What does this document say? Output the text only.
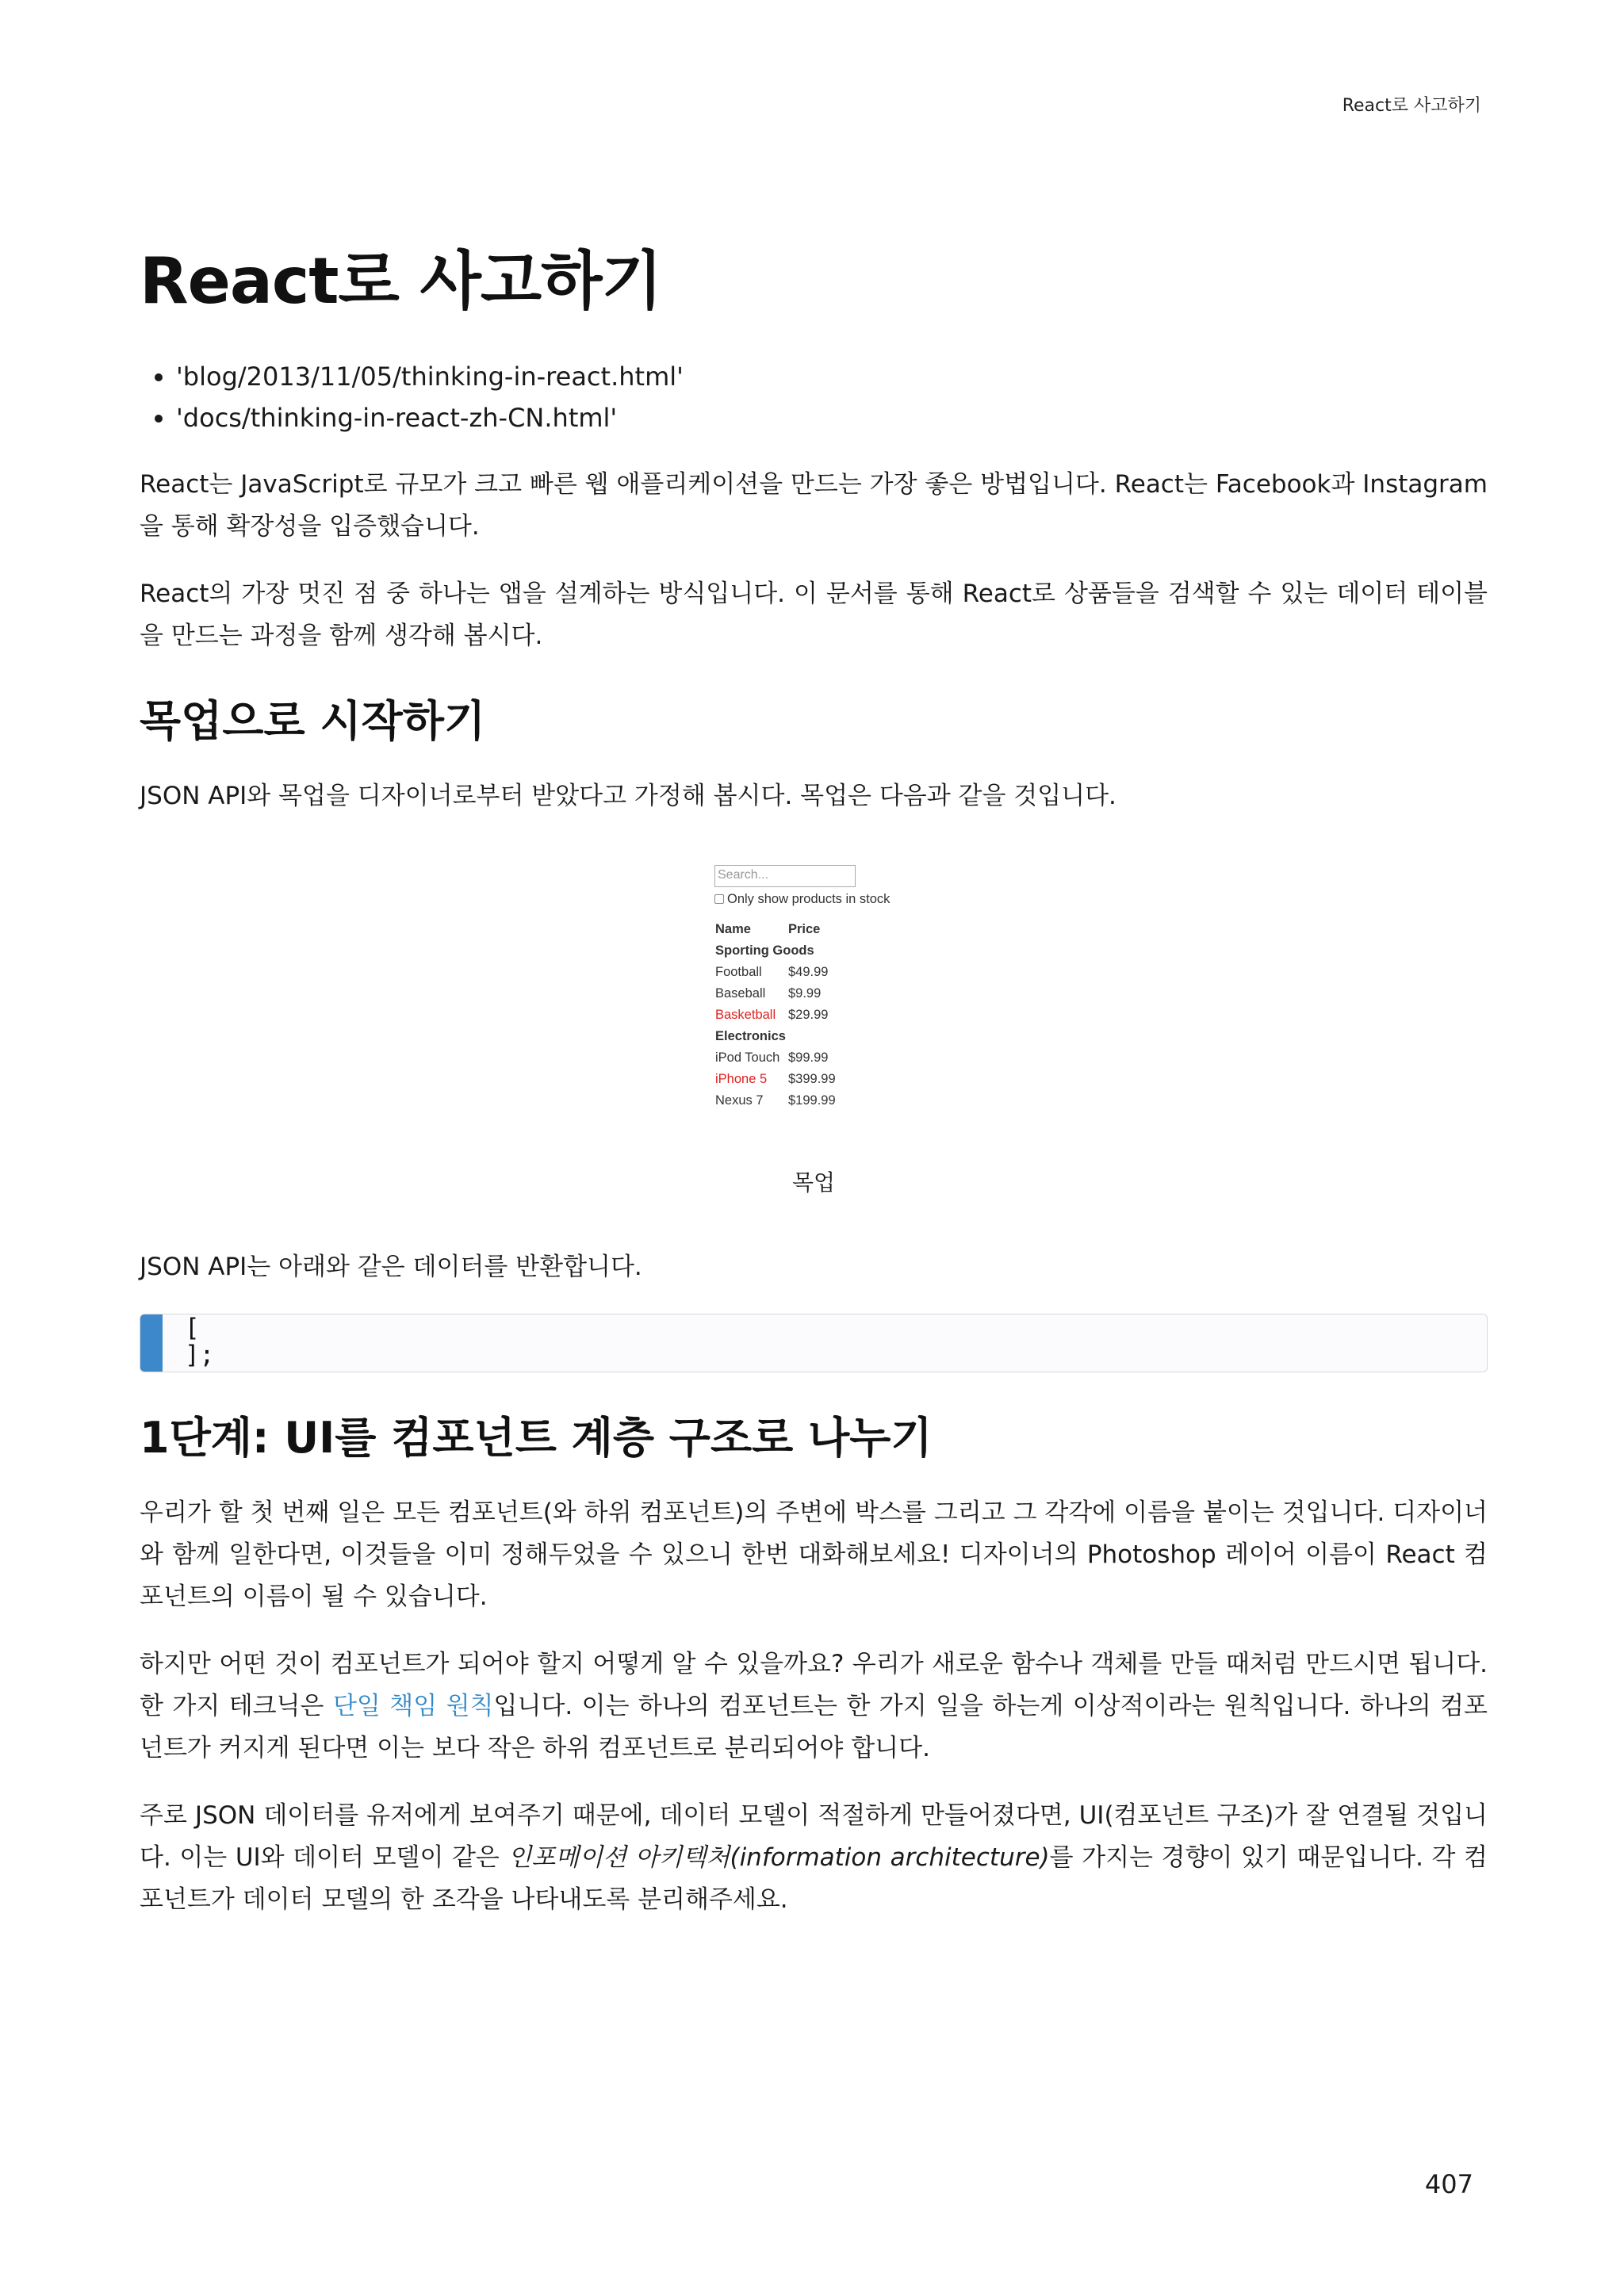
React로 사고하기
React로 사고하기
• 'blog/2013/11/05/thinking-in-react.html'
• 'docs/thinking-in-react-zh-CN.html'

React는 JavaScript로 규모가 크고 빠른 웹 애플리케이션을 만드는 가장 좋은 방법입니다. React는 Facebook과 Instagram을 통해 확장성을 입증했습니다.

React의 가장 멋진 점 중 하나는 앱을 설계하는 방식입니다. 이 문서를 통해 React로 상품들을 검색할 수 있는 데이터 테이블을 만드는 과정을 함께 생각해 봅시다.

목업으로 시작하기

JSON API와 목업을 디자이너로부터 받았다고 가정해 봅시다. 목업은 다음과 같을 것입니다.

Search...
Only show products in stock
Name	Price
Sporting Goods	
Football	$49.99
Baseball	$9.99
Basketball	$29.99
Electronics	
iPod Touch	$99.99
iPhone 5	$399.99
Nexus 7	$199.99
목업

JSON API는 아래와 같은 데이터를 반환합니다.

[
];
1단계: UI를 컴포넌트 계층 구조로 나누기

우리가 할 첫 번째 일은 모든 컴포넌트(와 하위 컴포넌트)의 주변에 박스를 그리고 그 각각에 이름을 붙이는 것입니다. 디자이너와 함께 일한다면, 이것들을 이미 정해두었을 수 있으니 한번 대화해보세요! 디자이너의 Photoshop 레이어 이름이 React 컴포넌트의 이름이 될 수 있습니다.

하지만 어떤 것이 컴포넌트가 되어야 할지 어떻게 알 수 있을까요? 우리가 새로운 함수나 객체를 만들 때처럼 만드시면 됩니다. 한 가지 테크닉은 단일 책임 원칙입니다. 이는 하나의 컴포넌트는 한 가지 일을 하는게 이상적이라는 원칙입니다. 하나의 컴포넌트가 커지게 된다면 이는 보다 작은 하위 컴포넌트로 분리되어야 합니다.

주로 JSON 데이터를 유저에게 보여주기 때문에, 데이터 모델이 적절하게 만들어졌다면, UI(컴포넌트 구조)가 잘 연결될 것입니다. 이는 UI와 데이터 모델이 같은 인포메이션 아키텍처(information architecture)를 가지는 경향이 있기 때문입니다. 각 컴포넌트가 데이터 모델의 한 조각을 나타내도록 분리해주세요.

407
